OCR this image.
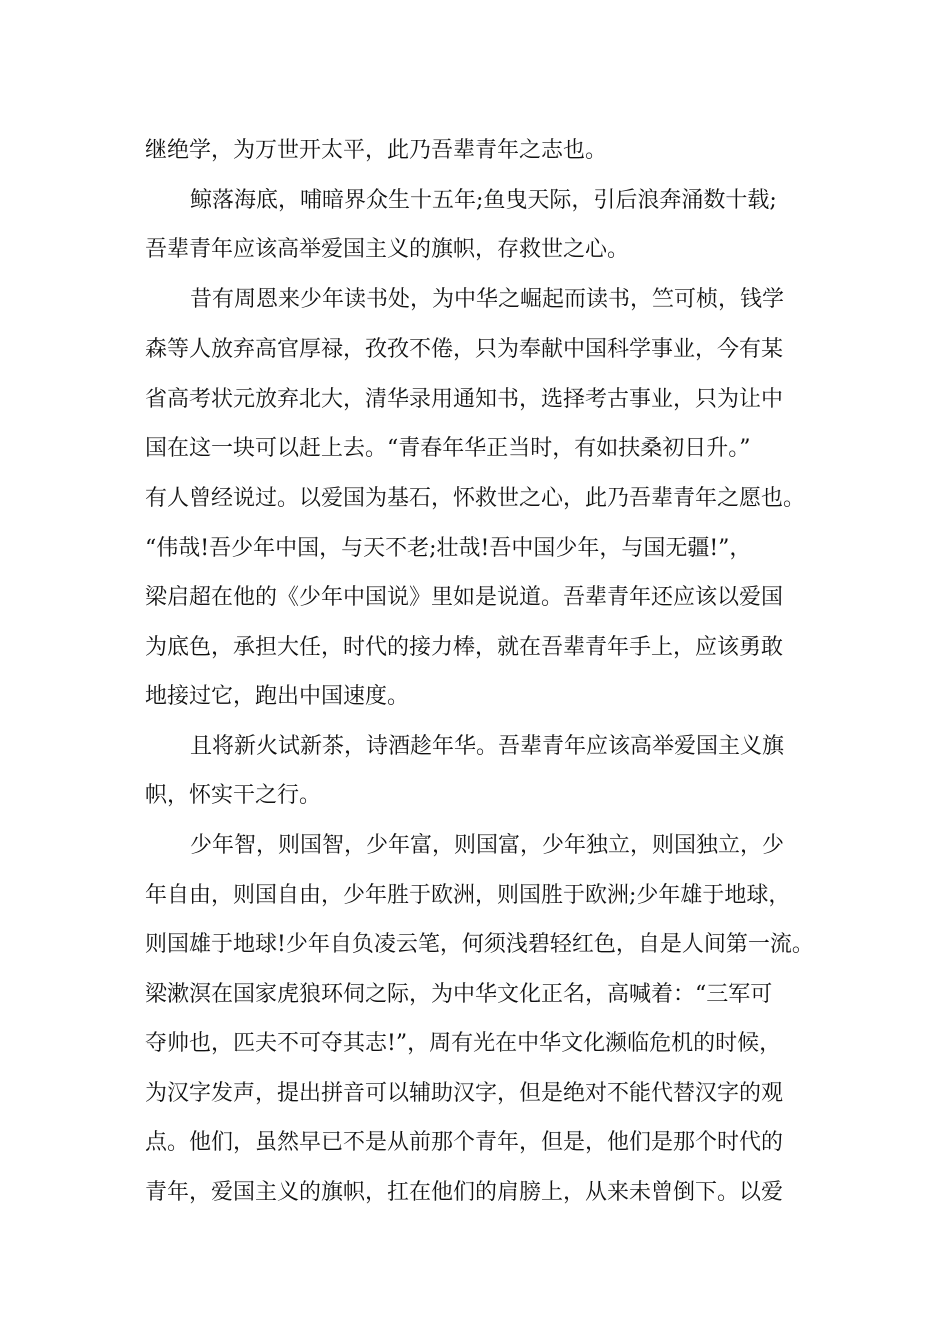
继绝学，为万世开太平，此乃吾辈青年之志也。
鲸落海底，哺暗界众生十五年;鱼曳天际，引后浪奔涌数十载;
吾辈青年应该高举爱国主义的旗帜，存救世之心。
昔有周恩来少年读书处，为中华之崛起而读书，竺可桢，钱学
森等人放弃高官厚禄，孜孜不倦，只为奉献中国科学事业，今有某
省高考状元放弃北大，清华录用通知书，选择考古事业，只为让中
国在这一块可以赶上去。“青春年华正当时，有如扶桑初日升。”
有人曾经说过。以爱国为基石，怀救世之心，此乃吾辈青年之愿也。
“伟哉!吾少年中国，与天不老;壮哉!吾中国少年，与国无疆!”，
梁启超在他的《少年中国说》里如是说道。吾辈青年还应该以爱国
为底色，承担大任，时代的接力棒，就在吾辈青年手上，应该勇敢
地接过它，跑出中国速度。
且将新火试新茶，诗酒趁年华。吾辈青年应该高举爱国主义旗
帜，怀实干之行。
少年智，则国智，少年富，则国富，少年独立，则国独立，少
年自由，则国自由，少年胜于欧洲，则国胜于欧洲;少年雄于地球，
则国雄于地球!少年自负凌云笔，何须浅碧轻红色，自是人间第一流。
梁漱溟在国家虎狼环伺之际，为中华文化正名，高喊着：“三军可
夺帅也，匹夫不可夺其志!”，周有光在中华文化濒临危机的时候，
为汉字发声，提出拼音可以辅助汉字，但是绝对不能代替汉字的观
点。他们，虽然早已不是从前那个青年，但是，他们是那个时代的
青年，爱国主义的旗帜，扛在他们的肩膀上，从来未曾倒下。以爱
